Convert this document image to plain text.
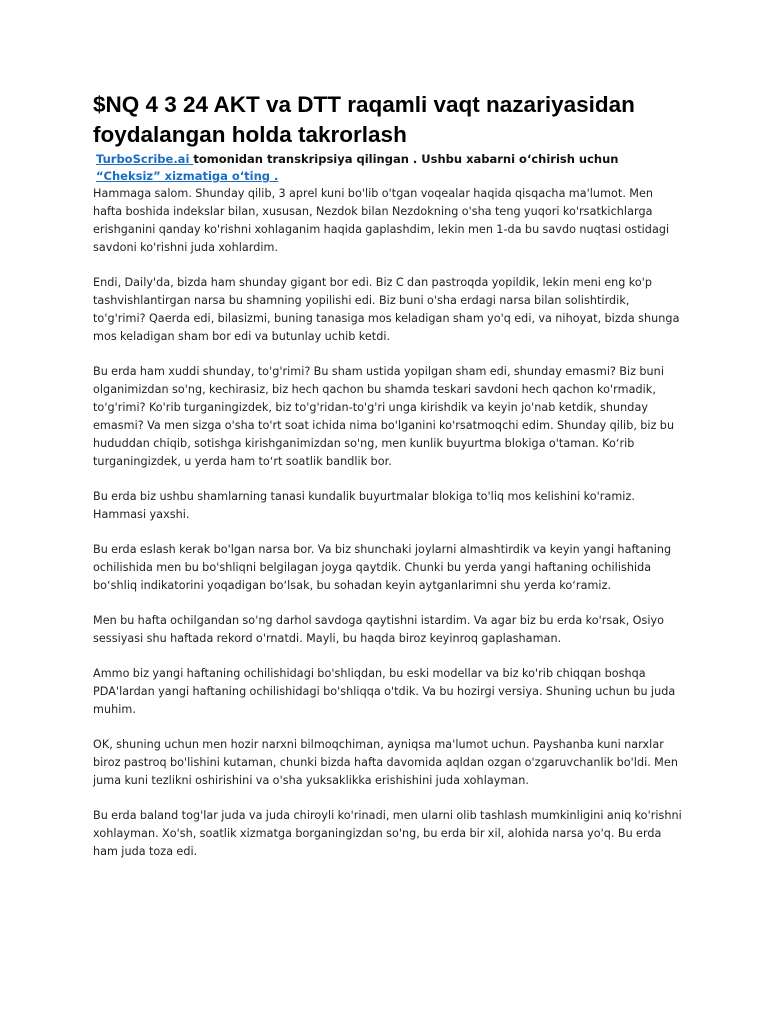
$NQ 4 3 24 AKT va DTT raqamli vaqt nazariyasidan foydalangan holda takrorlash

TurboScribe.ai tomonidan transkripsiya qilingan . Ushbu xabarni oʻchirish uchun “Cheksiz” xizmatiga oʻting .

Hammaga salom. Shunday qilib, 3 aprel kuni bo'lib o'tgan voqealar haqida qisqacha ma'lumot. Men hafta boshida indekslar bilan, xususan, Nezdok bilan Nezdokning o'sha teng yuqori ko'rsatkichlarga erishganini qanday ko'rishni xohlaganim haqida gaplashdim, lekin men 1-da bu savdo nuqtasi ostidagi savdoni ko'rishni juda xohlardim.

Endi, Daily'da, bizda ham shunday gigant bor edi. Biz C dan pastroqda yopildik, lekin meni eng ko'p tashvishlantirgan narsa bu shamning yopilishi edi. Biz buni o'sha erdagi narsa bilan solishtirdik, to'g'rimi? Qaerda edi, bilasizmi, buning tanasiga mos keladigan sham yo'q edi, va nihoyat, bizda shunga mos keladigan sham bor edi va butunlay uchib ketdi.

Bu erda ham xuddi shunday, to'g'rimi? Bu sham ustida yopilgan sham edi, shunday emasmi? Biz buni olganimizdan so'ng, kechirasiz, biz hech qachon bu shamda teskari savdoni hech qachon ko'rmadik, to'g'rimi? Ko'rib turganingizdek, biz to'g'ridan-to'g'ri unga kirishdik va keyin jo'nab ketdik, shunday emasmi? Va men sizga o'sha to'rt soat ichida nima bo'lganini ko'rsatmoqchi edim. Shunday qilib, biz bu hududdan chiqib, sotishga kirishganimizdan so'ng, men kunlik buyurtma blokiga o'taman. Koʻrib turganingizdek, u yerda ham toʻrt soatlik bandlik bor.

Bu erda biz ushbu shamlarning tanasi kundalik buyurtmalar blokiga to'liq mos kelishini ko'ramiz. Hammasi yaxshi.

Bu erda eslash kerak bo'lgan narsa bor. Va biz shunchaki joylarni almashtirdik va keyin yangi haftaning ochilishida men bu bo'shliqni belgilagan joyga qaytdik. Chunki bu yerda yangi haftaning ochilishida boʻshliq indikatorini yoqadigan boʻlsak, bu sohadan keyin aytganlarimni shu yerda koʻramiz.

Men bu hafta ochilgandan so'ng darhol savdoga qaytishni istardim. Va agar biz bu erda ko'rsak, Osiyo sessiyasi shu haftada rekord o'rnatdi. Mayli, bu haqda biroz keyinroq gaplashaman.

Ammo biz yangi haftaning ochilishidagi bo'shliqdan, bu eski modellar va biz ko'rib chiqqan boshqa PDA'lardan yangi haftaning ochilishidagi bo'shliqqa o'tdik. Va bu hozirgi versiya. Shuning uchun bu juda muhim.

OK, shuning uchun men hozir narxni bilmoqchiman, ayniqsa ma'lumot uchun. Payshanba kuni narxlar biroz pastroq bo'lishini kutaman, chunki bizda hafta davomida aqldan ozgan o'zgaruvchanlik bo'ldi. Men juma kuni tezlikni oshirishini va o'sha yuksaklikka erishishini juda xohlayman.

Bu erda baland tog'lar juda va juda chiroyli ko'rinadi, men ularni olib tashlash mumkinligini aniq ko'rishni xohlayman. Xo'sh, soatlik xizmatga borganingizdan so'ng, bu erda bir xil, alohida narsa yo'q. Bu erda ham juda toza edi.
